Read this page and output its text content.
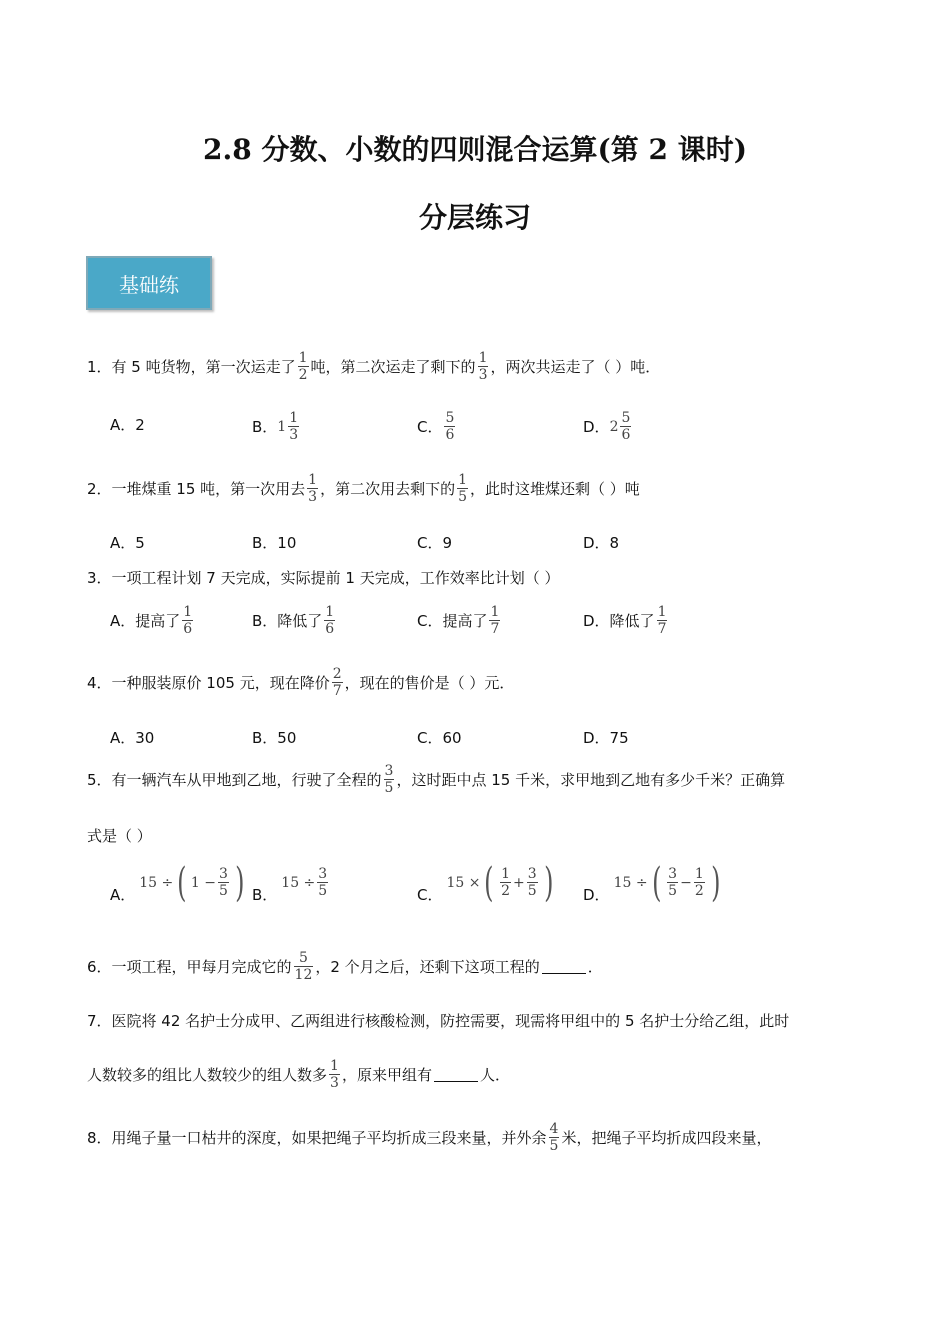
2.8 分数、小数的四则混合运算(第 2 课时)
分层练习
基础练
1．有 5 吨货物，第一次运走了 $\frac{1}{2}$ 吨，第二次运走了剩下的 $\frac{1}{3}$ ，两次共运走了（ ）吨．
A．2	B． $1 \frac{1}{3}$	C． $\frac{5}{6}$	D． $2 \frac{5}{6}$
2．一堆煤重 15 吨，第一次用去 $\frac{1}{3}$ ，第二次用去剩下的 $\frac{1}{5}$ ，此时这堆煤还剩（ ）吨
A．5	B．10	C．9	D．8
3．一项工程计划 7 天完成，实际提前 1 天完成，工作效率比计划（ ）
A．提高了 $\frac{1}{6}$	B．降低了 $\frac{1}{6}$	C．提高了 $\frac{1}{7}$	D．降低了 $\frac{1}{7}$
4．一种服装原价 105 元，现在降价 $\frac{2}{7}$ ，现在的售价是（ ）元．
A．30	B．50	C．60	D．75
5．有一辆汽车从甲地到乙地，行驶了全程的 $\frac{3}{5}$ ，这时距中点 15 千米，求甲地到乙地有多少千米？正确算
式是（ ）
A．
15 ÷ ( $1 - \frac{3}{5}$ ) B．
$15 \div \frac{3}{5}$	C．
15 × ( $\frac{1}{2} + \frac{3}{5}$ ) D．
15 ÷ ( $\frac{3}{5} - \frac{1}{2}$ )
6．一项工程，甲每月完成它的 $\frac{5}{12}$ ，2 个月之后，还剩下这项工程的	．
7．医院将 42 名护士分成甲、乙两组进行核酸检测，防控需要，现需将甲组中的 5 名护士分给乙组，此时
人数较多的组比人数较少的组人数多 $\frac{1}{3}$ ，原来甲组有	人．
8．用绳子量一口枯井的深度，如果把绳子平均折成三段来量，并外余 $\frac{4}{5}$ 米，把绳子平均折成四段来量，
